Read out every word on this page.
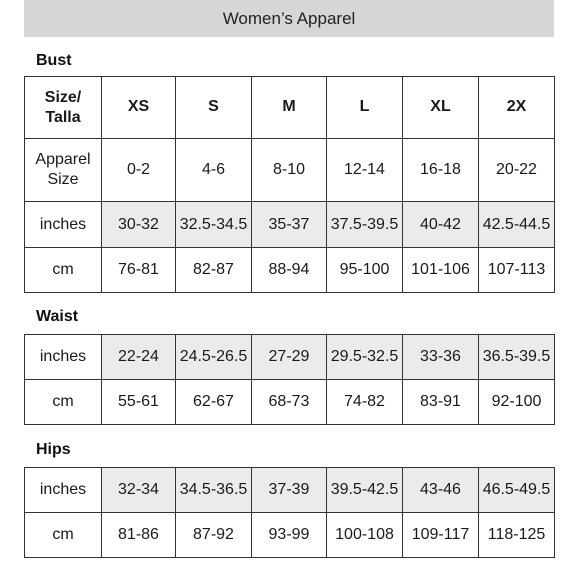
Women’s Apparel
Bust
Size/
Talla	XS	S	M	L	XL	2X
Apparel
Size	0-2	4-6	8-10	12-14	16-18	20-22
inches	30-32	32.5-34.5	35-37	37.5-39.5	40-42	42.5-44.5
cm	76-81	82-87	88-94	95-100	101-106	107-113
Waist
inches	22-24	24.5-26.5	27-29	29.5-32.5	33-36	36.5-39.5
cm	55-61	62-67	68-73	74-82	83-91	92-100
Hips
inches	32-34	34.5-36.5	37-39	39.5-42.5	43-46	46.5-49.5
cm	81-86	87-92	93-99	100-108	109-117	118-125
